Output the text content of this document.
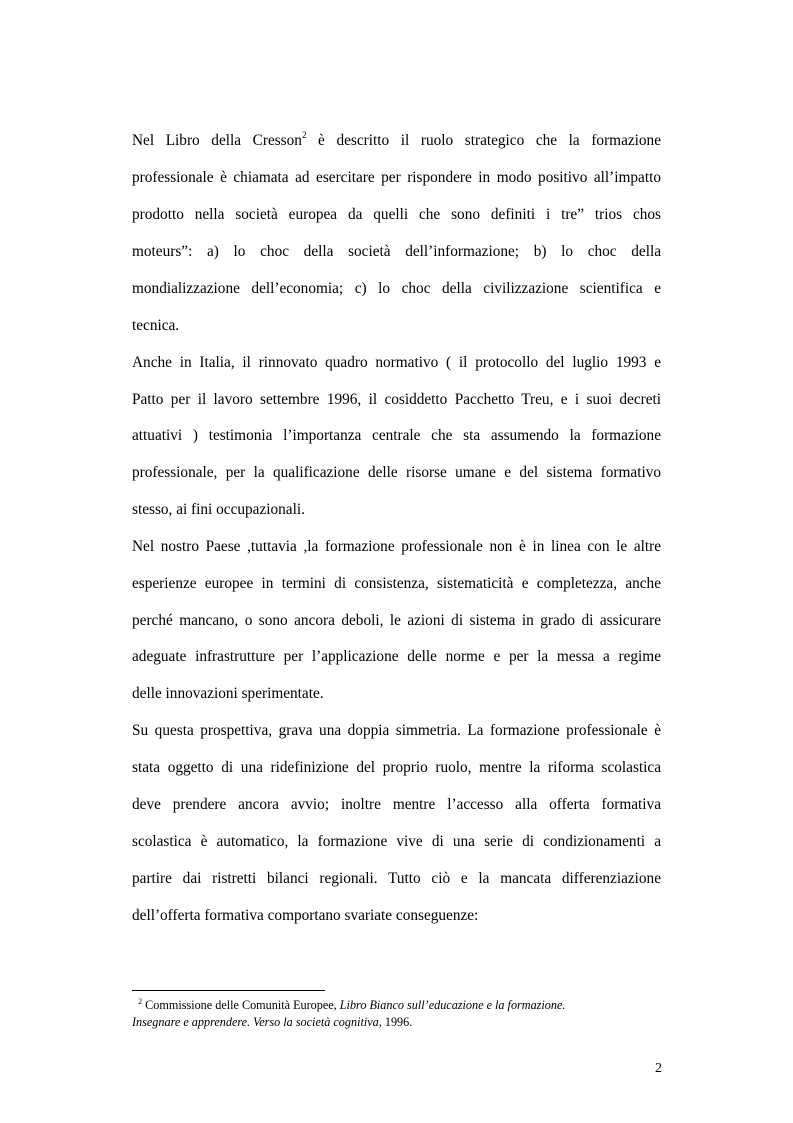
Nel Libro della Cresson$^2$ è descritto il ruolo strategico che la formazione
professionale è chiamata ad esercitare per rispondere in modo positivo all’impatto
prodotto nella società europea da quelli che sono definiti i tre” trios chos
moteurs”: a) lo choc della società dell’informazione; b) lo choc della
mondializzazione dell’economia; c) lo choc della civilizzazione scientifica e
tecnica.
Anche in Italia, il rinnovato quadro normativo ( il protocollo del luglio 1993 e
Patto per il lavoro settembre 1996, il cosiddetto Pacchetto Treu, e i suoi decreti
attuativi ) testimonia l’importanza centrale che sta assumendo la formazione
professionale, per la qualificazione delle risorse umane e del sistema formativo
stesso, ai fini occupazionali.
Nel nostro Paese ,tuttavia ,la formazione professionale non è in linea con le altre
esperienze europee in termini di consistenza, sistematicità e completezza, anche
perché mancano, o sono ancora deboli, le azioni di sistema in grado di assicurare
adeguate infrastrutture per l’applicazione delle norme e per la messa a regime
delle innovazioni sperimentate.
Su questa prospettiva, grava una doppia simmetria. La formazione professionale è
stata oggetto di una ridefinizione del proprio ruolo, mentre la riforma scolastica
deve prendere ancora avvio; inoltre mentre l’accesso alla offerta formativa
scolastica è automatico, la formazione vive di una serie di condizionamenti a
partire dai ristretti bilanci regionali. Tutto ciò e la mancata differenziazione
dell’offerta formativa comportano svariate conseguenze:
$^2$ Commissione delle Comunità Europee, Libro Bianco sull’educazione e la formazione.
Insegnare e apprendere. Verso la società cognitiva, 1996.
2
